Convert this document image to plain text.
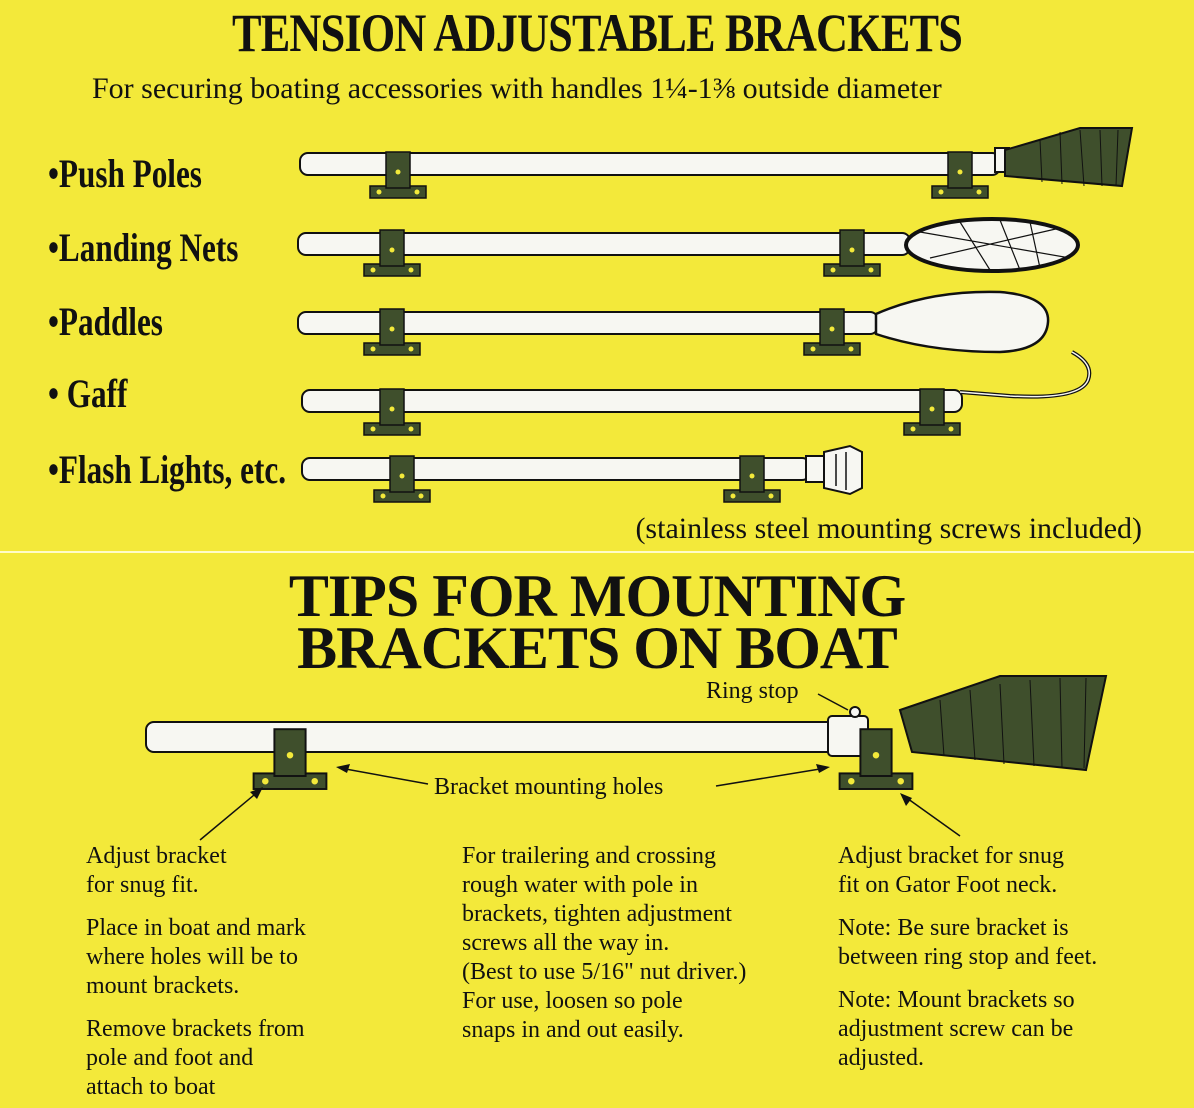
TENSION ADJUSTABLE BRACKETS
For securing boating accessories with handles 1¼-1⅜ outside diameter
•Push Poles
•Landing Nets
•Paddles
• Gaff
•Flash Lights, etc.
(stainless steel mounting screws included)
TIPS FOR MOUNTING
BRACKETS ON BOAT
Ring stop
Bracket mounting holes
Adjust bracket
for snug fit.
Place in boat and mark
where holes will be to
mount brackets.
Remove brackets from
pole and foot and
attach to boat
For trailering and crossing
rough water with pole in
brackets, tighten adjustment
screws all the way in.
(Best to use 5/16" nut driver.)
For use, loosen so pole
snaps in and out easily.
Adjust bracket for snug
fit on Gator Foot neck.
Note: Be sure bracket is
between ring stop and feet.
Note: Mount brackets so
adjustment screw can be
adjusted.
